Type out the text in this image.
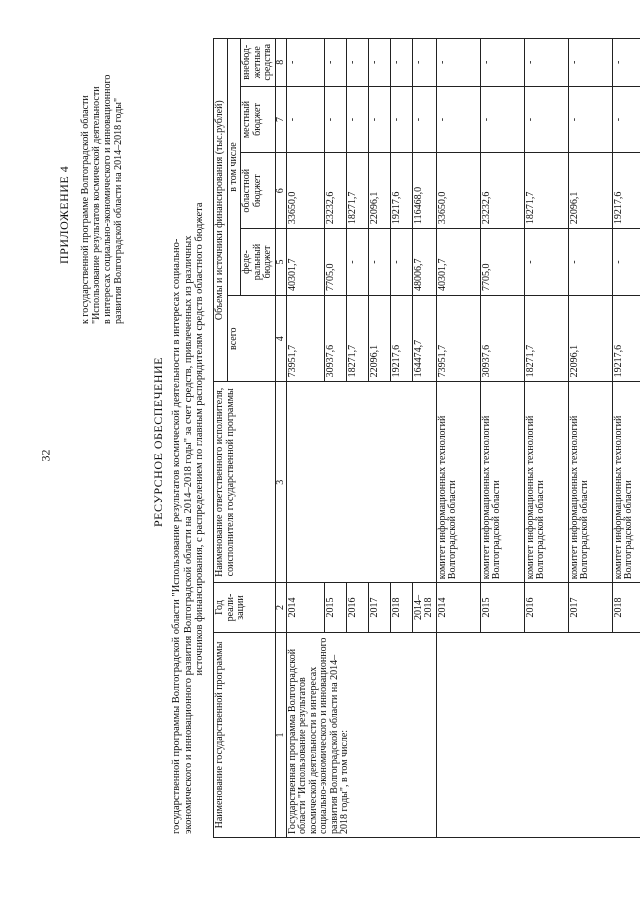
32
ПРИЛОЖЕНИЕ 4 к государственной программе Волгоградской области "Использование результатов космической деятельности в интересах социально-экономического и инновационного развития Волгоградской области на 2014–2018 годы"
РЕСУРСНОЕ ОБЕСПЕЧЕНИЕ государственной программы Волгоградской области "Использование результатов космической деятельности в интересах социально- экономического и инновационного развития Волгоградской области на 2014–2018 годы" за счет средств, привлеченных из различных источников финансирования, с распределением по главным распорядителям средств областного бюджета
Наименование государственной программы	Год реали-зации	Наименование ответственного исполнителя, соисполнителя государственной программы	Объемы и источники финансирования (тыс.рублей)				
			всего	в том числе			
				феде-ральный бюджет	областной бюджет	местный бюджет	внебюд-жетные средства
1	2	3	4	5	6	7	8
Государственная программа Волгоградской области "Использование результатов космической деятельности в интересах социально-экономического и инновационного развития Волгоградской области на 2014–2018 годы", в том числе:	2014		73951,7	40301,7	33650,0	-	-
	2015		30937,6	7705,0	23232,6	-	-
	2016		18271,7	-	18271,7	-	-
	2017		22096,1	-	22096,1	-	-
	2018		19217,6	-	19217,6	-	-
	2014–2018		164474,7	48006,7	116468,0	-	-
	2014	комитет информационных технологий Волгоградской области	73951,7	40301,7	33650,0	-	-
	2015	комитет информационных технологий Волгоградской области	30937,6	7705,0	23232,6	-	-
	2016	комитет информационных технологий Волгоградской области	18271,7	-	18271,7	-	-
	2017	комитет информационных технологий Волгоградской области	22096,1	-	22096,1	-	-
	2018	комитет информационных технологий Волгоградской области	19217,6	-	19217,6	-	-
